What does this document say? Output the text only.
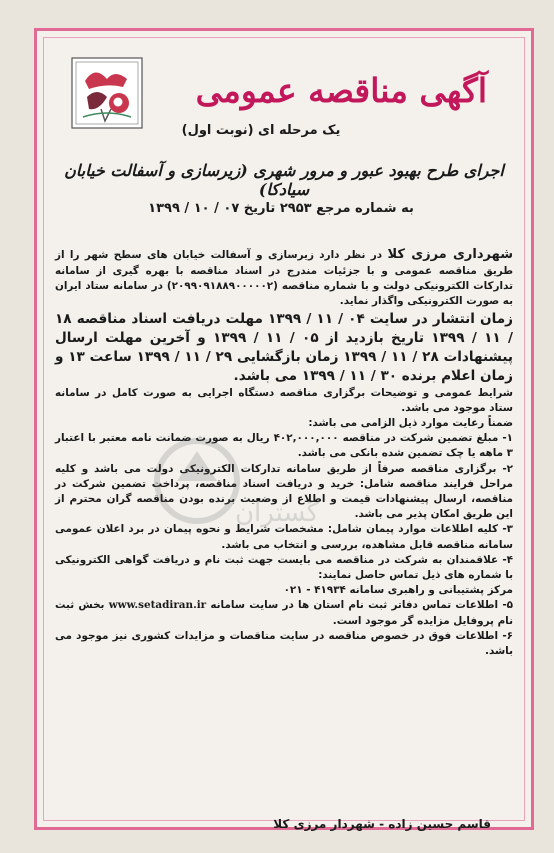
آگهی مناقصه عمومی
یک مرحله ای (نوبت اول)
اجرای طرح بهبود عبور و مرور شهری (زیرسازی و آسفالت خیابان سیادکا)
به شماره مرجع ۲۹۵۳ تاریخ ۰۷ / ۱۰ / ۱۳۹۹

شهرداری مرزی کلا در نظر دارد زیرسازی و آسفالت خیابان های سطح شهر را از طریق مناقصه عمومی و با جزئیات مندرج در اسناد مناقصه با بهره گیری از سامانه تدارکات الکترونیکی دولت و با شماره مناقصه (۲۰۹۹۰۹۱۸۸۹۰۰۰۰۰۲) در سامانه ستاد ایران به صورت الکترونیکی واگذار نماید.

زمان انتشار در سایت ۰۴ / ۱۱ / ۱۳۹۹ مهلت دریافت اسناد مناقصه ۱۸ / ۱۱ / ۱۳۹۹ تاریخ بازدید از ۰۵ / ۱۱ / ۱۳۹۹ و آخرین مهلت ارسال پیشنهادات ۲۸ / ۱۱ / ۱۳۹۹ زمان بازگشایی ۲۹ / ۱۱ / ۱۳۹۹ ساعت ۱۳ و زمان اعلام برنده ۳۰ / ۱۱ / ۱۳۹۹ می باشد.

شرایط عمومی و توضیحات برگزاری مناقصه دستگاه اجرایی به صورت کامل در سامانه ستاد موجود می باشد.

ضمناً رعایت موارد ذیل الزامی می باشد:

۱- مبلغ تضمین شرکت در مناقصه ۴۰۲,۰۰۰,۰۰۰ ریال به صورت ضمانت نامه معتبر با اعتبار ۳ ماهه یا چک تضمین شده بانکی می باشد.

۲- برگزاری مناقصه صرفاً از طریق سامانه تدارکات الکترونیکی دولت می باشد و کلیه مراحل فرایند مناقصه شامل: خرید و دریافت اسناد مناقصه، پرداخت تضمین شرکت در مناقصه، ارسال پیشنهادات قیمت و اطلاع از وضعیت برنده بودن مناقصه گران محترم از این طریق امکان پذیر می باشد.

۳- کلیه اطلاعات موارد پیمان شامل: مشخصات شرایط و نحوه پیمان در برد اعلان عمومی سامانه مناقصه قابل مشاهده، بررسی و انتخاب می باشد.

۴- علاقمندان به شرکت در مناقصه می بایست جهت ثبت نام و دریافت گواهی الکترونیکی با شماره های ذیل تماس حاصل نمایند:

مرکز پشتیبانی و راهبری سامانه ۴۱۹۳۴ - ۰۲۱

۵- اطلاعات تماس دفاتر ثبت نام استان ها در سایت سامانه www.setadiran.ir بخش ثبت نام پروفایل مزایده گر موجود است.

۶- اطلاعات فوق در خصوص مناقصه در سایت مناقصات و مزایدات کشوری نیز موجود می باشد.

گستران
قاسم حسین زاده - شهردار مرزی کلا
